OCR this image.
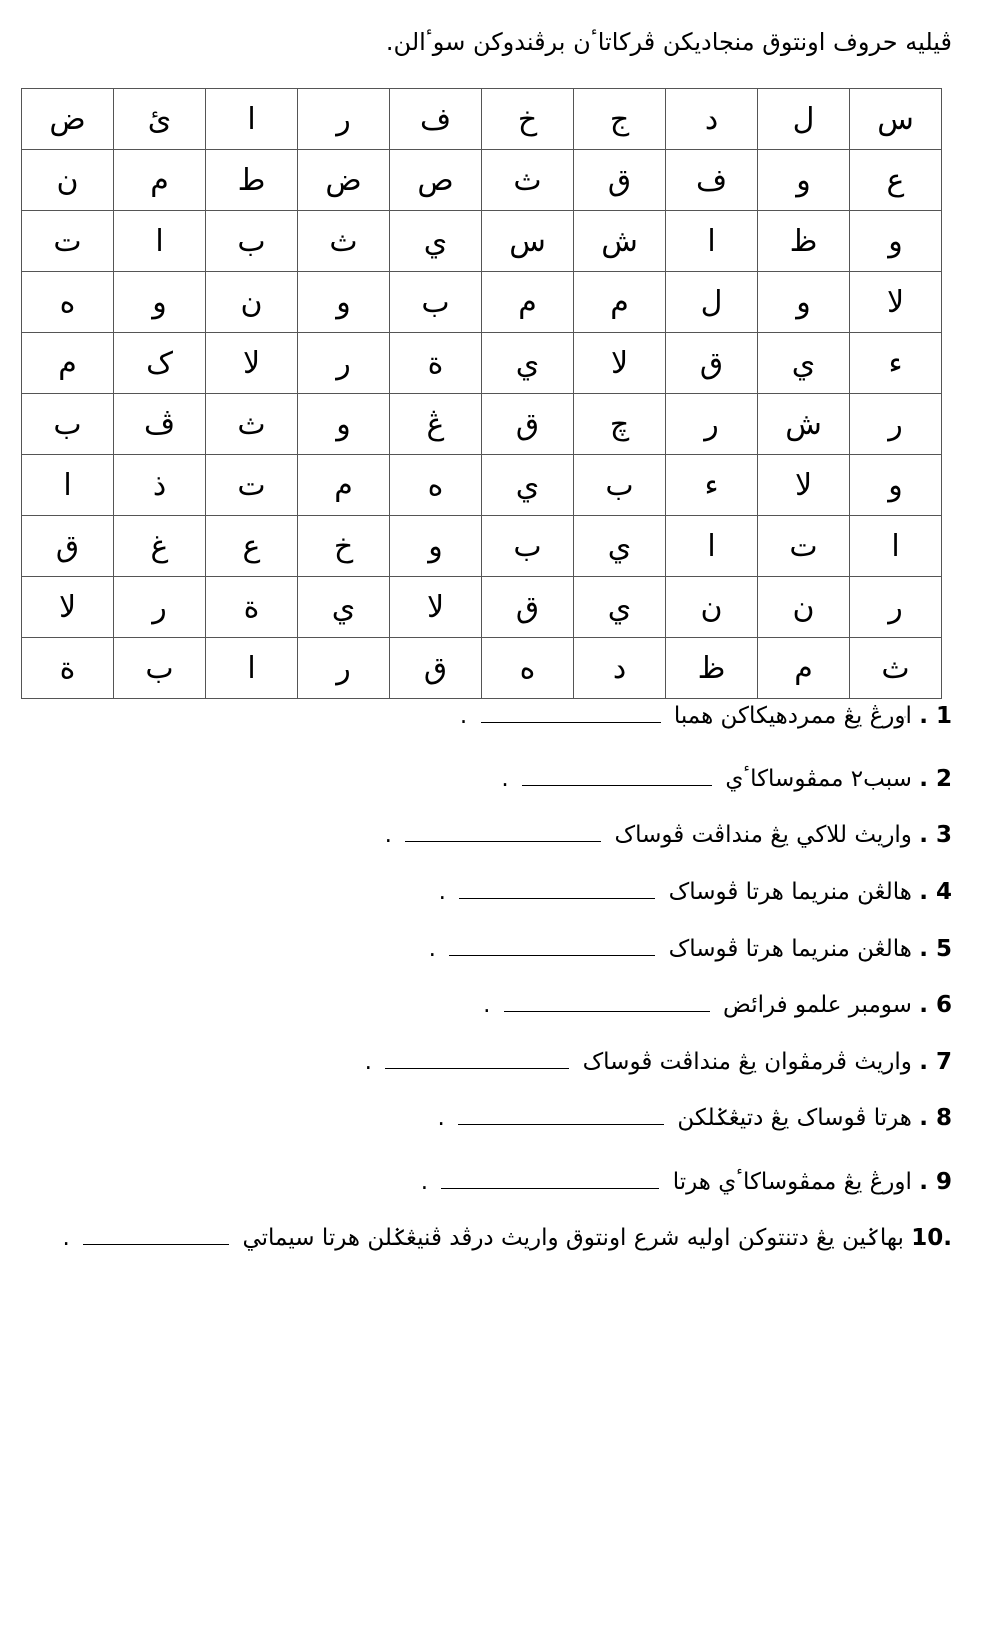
ڤيليه حروف اونتوق منجاديکن ڤرکاتاٴن برڤندوکن سوٴالن.
س	ل	د	ج	خ	ف	ر	ا	ئ	ض
ع	و	ف	ق	ث	ص	ض	ط	م	ن
و	ظ	ا	ش	س	ي	ث	ب	ا	ت
لا	و	ل	م	م	ب	و	ن	و	ه
ء	ي	ق	لا	ي	ة	ر	لا	ک	م
ر	ش	ر	چ	ق	ڠ	و	ث	ڤ	ب
و	لا	ء	ب	ي	ه	م	ت	ذ	ا
ا	ت	ا	ي	ب	و	خ	ع	غ	ق
ر	ن	ن	ي	ق	لا	ي	ة	ر	لا
ث	م	ظ	د	ه	ق	ر	ا	ب	ة
1 . اورڠ يڠ ممردهيکاکن همبا  .
2 . سبب٢ ممڤوساکاٴي  .
3 . واريث للاکي يڠ منداڤت ڤوساک  .
4 . هالڠن منريما هرتا ڤوساک  .
5 . هالڠن منريما هرتا ڤوساک  .
6 . سومبر علمو فرائض  .
7 . واريث ڤرمڤوان يڠ منداڤت ڤوساک  .
8 . هرتا ڤوساک يڠ دتيڠݢلکن  .
9 . اورڠ يڠ ممڤوساکاٴي هرتا  .
.10 بهاݢين يڠ دتنتوکن اوليه شرع اونتوق واريث درڤد ڤنيڠݢلن هرتا سيماتي  .
